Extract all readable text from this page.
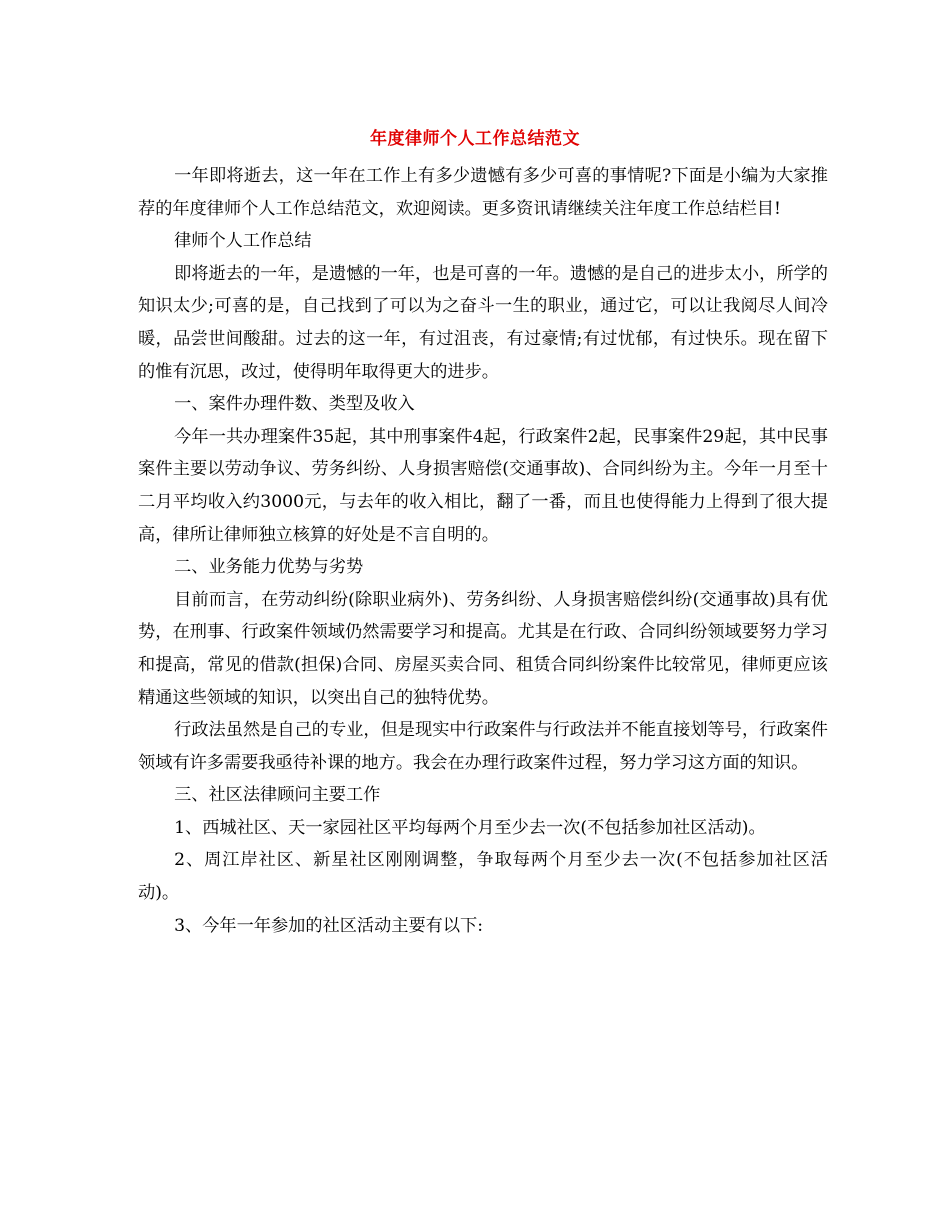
年度律师个人工作总结范文

一年即将逝去，这一年在工作上有多少遗憾有多少可喜的事情呢?下面是小编为大家推荐的年度律师个人工作总结范文，欢迎阅读。更多资讯请继续关注年度工作总结栏目!

律师个人工作总结

即将逝去的一年，是遗憾的一年，也是可喜的一年。遗憾的是自己的进步太小，所学的知识太少;可喜的是，自己找到了可以为之奋斗一生的职业，通过它，可以让我阅尽人间冷暖，品尝世间酸甜。过去的这一年，有过沮丧，有过豪情;有过忧郁，有过快乐。现在留下的惟有沉思，改过，使得明年取得更大的进步。

一、案件办理件数、类型及收入

今年一共办理案件35起，其中刑事案件4起，行政案件2起，民事案件29起，其中民事案件主要以劳动争议、劳务纠纷、人身损害赔偿(交通事故)、合同纠纷为主。今年一月至十二月平均收入约3000元，与去年的收入相比，翻了一番，而且也使得能力上得到了很大提高，律所让律师独立核算的好处是不言自明的。

二、业务能力优势与劣势

目前而言，在劳动纠纷(除职业病外)、劳务纠纷、人身损害赔偿纠纷(交通事故)具有优势，在刑事、行政案件领域仍然需要学习和提高。尤其是在行政、合同纠纷领域要努力学习和提高，常见的借款(担保)合同、房屋买卖合同、租赁合同纠纷案件比较常见，律师更应该精通这些领域的知识，以突出自己的独特优势。

行政法虽然是自己的专业，但是现实中行政案件与行政法并不能直接划等号，行政案件领域有许多需要我亟待补课的地方。我会在办理行政案件过程，努力学习这方面的知识。

三、社区法律顾问主要工作

1、西城社区、天一家园社区平均每两个月至少去一次(不包括参加社区活动)。

2、周江岸社区、新星社区刚刚调整，争取每两个月至少去一次(不包括参加社区活动)。

3、今年一年参加的社区活动主要有以下:
